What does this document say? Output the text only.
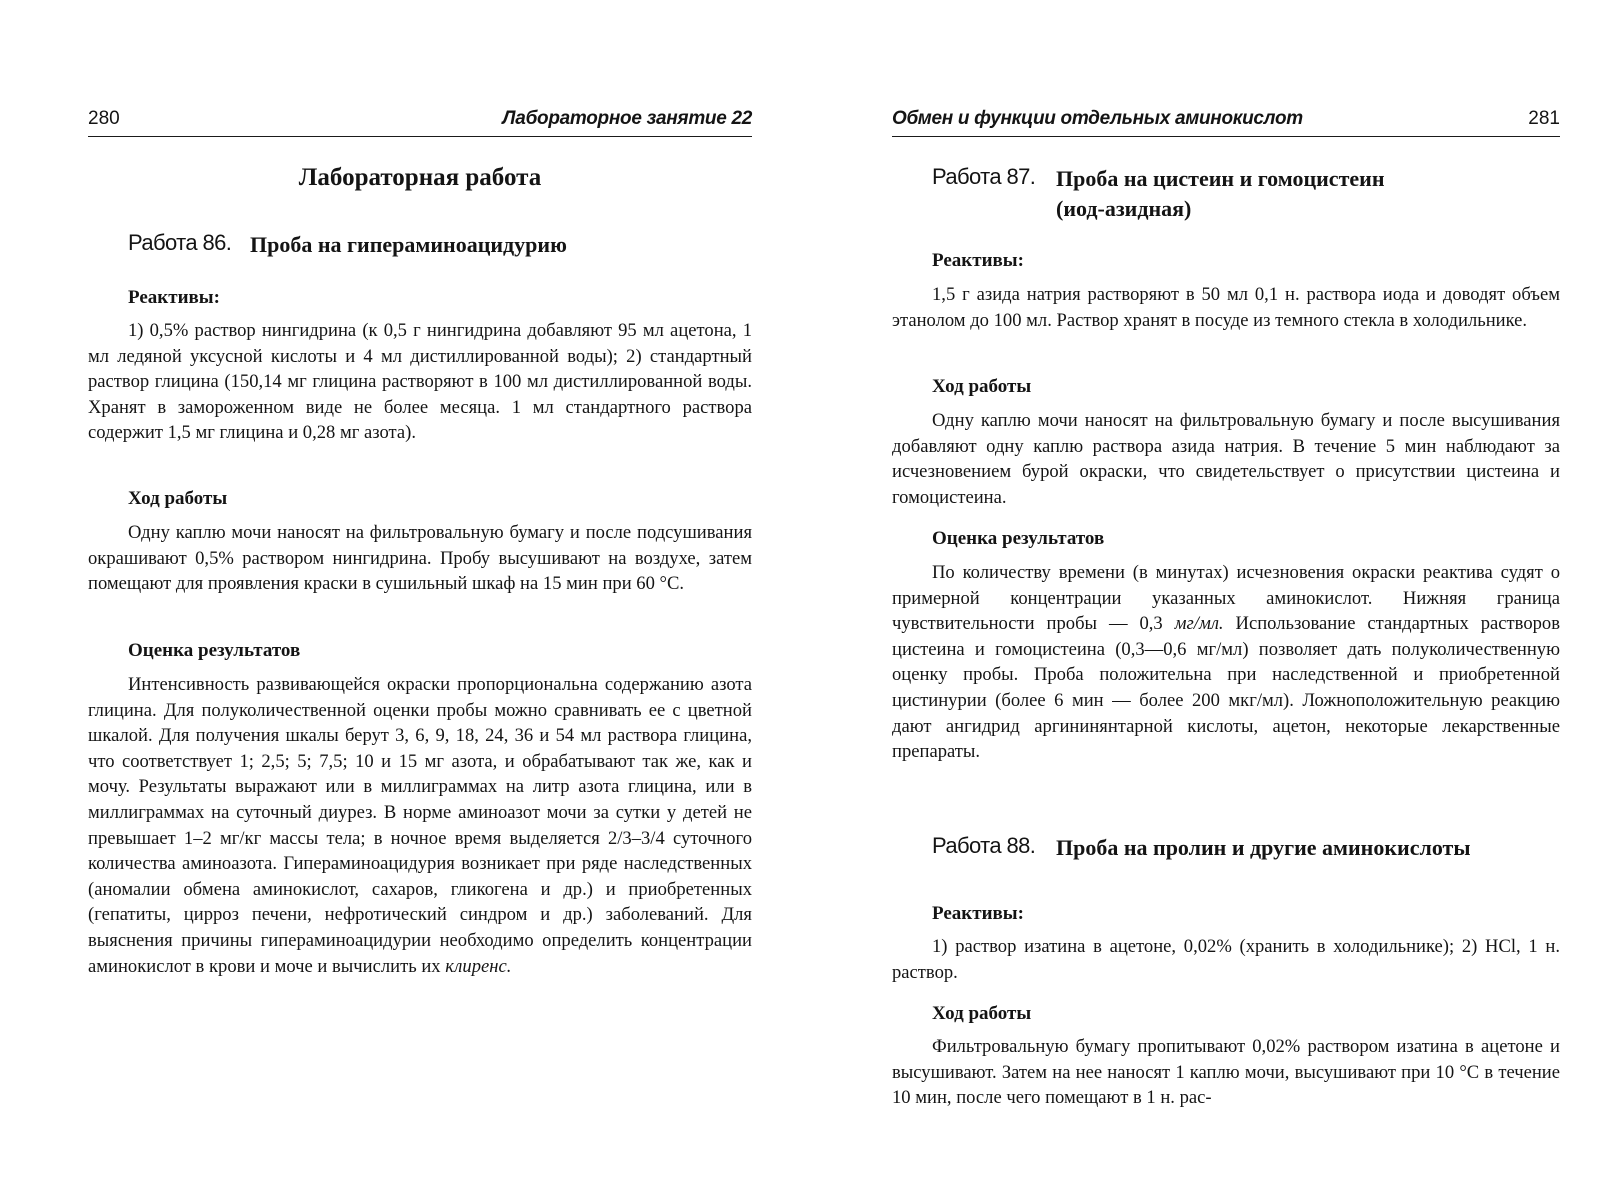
280	Лабораторное занятие 22
Лабораторная работа
Работа 86. Проба на гипераминоацидурию
Реактивы:

1) 0,5% раствор нингидрина (к 0,5 г нингидрина добавляют 95 мл ацетона, 1 мл ледяной уксусной кислоты и 4 мл дистиллированной воды); 2) стандартный раствор глицина (150,14 мг глицина растворяют в 100 мл дистиллированной воды. Хранят в замороженном виде не более месяца. 1 мл стандартного раствора содержит 1,5 мг глицина и 0,28 мг азота).

Ход работы

Одну каплю мочи наносят на фильтровальную бумагу и после подсушивания окрашивают 0,5% раствором нингидрина. Пробу высушивают на воздухе, затем помещают для проявления краски в сушильный шкаф на 15 мин при 60 °С.

Оценка результатов

Интенсивность развивающейся окраски пропорциональна содержанию азота глицина. Для полуколичественной оценки пробы можно сравнивать ее с цветной шкалой. Для получения шкалы берут 3, 6, 9, 18, 24, 36 и 54 мл раствора глицина, что соответствует 1; 2,5; 5; 7,5; 10 и 15 мг азота, и обрабатывают так же, как и мочу. Результаты выражают или в миллиграммах на литр азота глицина, или в миллиграммах на суточный диурез. В норме аминоазот мочи за сутки у детей не превышает 1–2 мг/кг массы тела; в ночное время выделяется 2/3–3/4 суточного количества аминоазота. Гипераминоацидурия возникает при ряде наследственных (аномалии обмена аминокислот, сахаров, гликогена и др.) и приобретенных (гепатиты, цирроз печени, нефротический синдром и др.) заболеваний. Для выяснения причины гипераминоацидурии необходимо определить концентрации аминокислот в крови и моче и вычислить их клиренс.

281
Обмен и функции отдельных аминокислот
Работа 87. Проба на цистеин и гомоцистеин (иод-азидная)
Реактивы:

1,5 г азида натрия растворяют в 50 мл 0,1 н. раствора иода и доводят объем этанолом до 100 мл. Раствор хранят в посуде из темного стекла в холодильнике.

Ход работы

Одну каплю мочи наносят на фильтровальную бумагу и после высушивания добавляют одну каплю раствора азида натрия. В течение 5 мин наблюдают за исчезновением бурой окраски, что свидетельствует о присутствии цистеина и гомоцистеина.

Оценка результатов

По количеству времени (в минутах) исчезновения окраски реактива судят о примерной концентрации указанных аминокислот. Нижняя граница чувствительности пробы — 0,3 мг/мл. Использование стандартных растворов цистеина и гомоцистеина (0,3—0,6 мг/мл) позволяет дать полуколичественную оценку пробы. Проба положительна при наследственной и приобретенной цистинурии (более 6 мин — более 200 мкг/мл). Ложноположительную реакцию дают ангидрид аргининянтарной кислоты, ацетон, некоторые лекарственные препараты.

Работа 88. Проба на пролин и другие аминокислоты
Реактивы:

1) раствор изатина в ацетоне, 0,02% (хранить в холодильнике); 2) HCl, 1 н. раствор.

Ход работы

Фильтровальную бумагу пропитывают 0,02% раствором изатина в ацетоне и высушивают. Затем на нее наносят 1 каплю мочи, высушивают при 10 °С в течение 10 мин, после чего помещают в 1 н. рас-
